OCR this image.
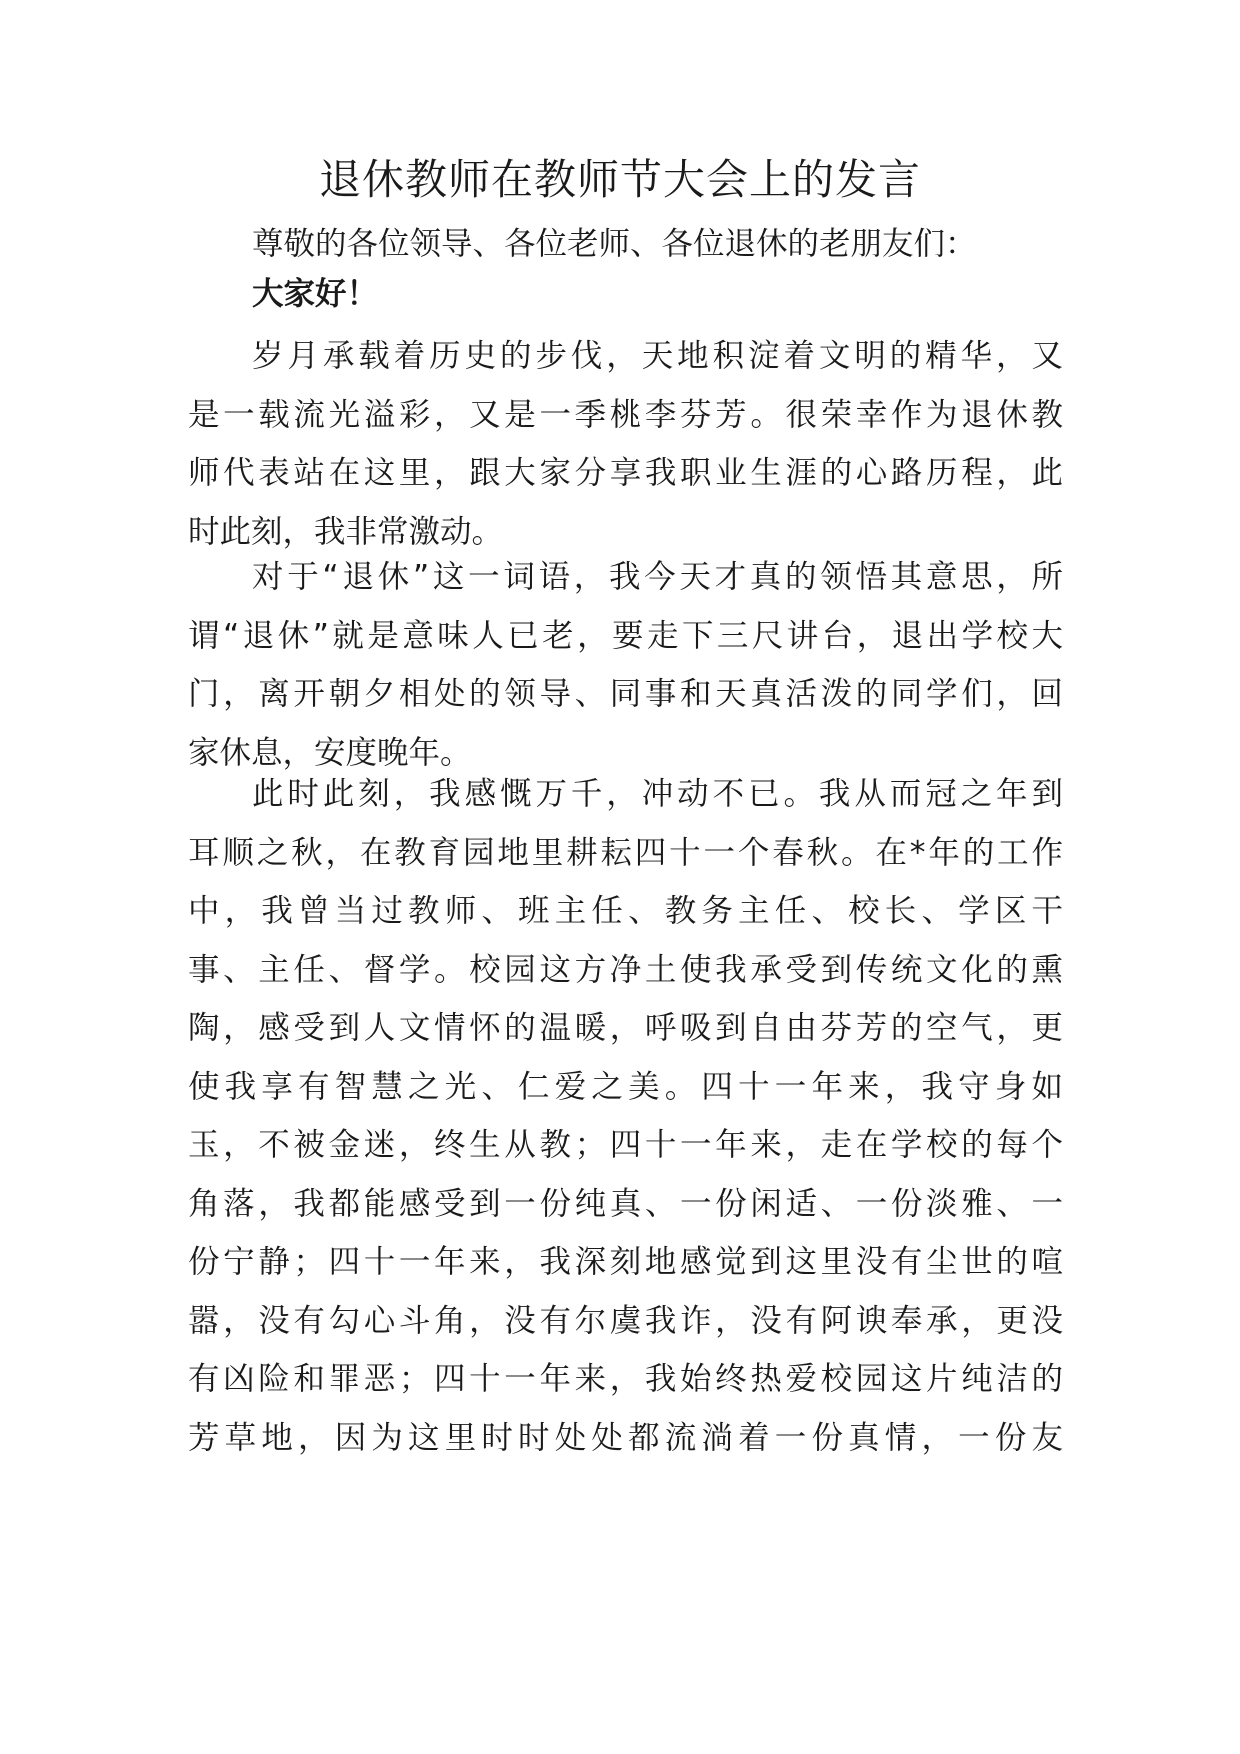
退休教师在教师节大会上的发言

尊敬的各位领导、各位老师、各位退休的老朋友们：

大家好！

岁月承载着历史的步伐，天地积淀着文明的精华，又
是一载流光溢彩，又是一季桃李芬芳。很荣幸作为退休教
师代表站在这里，跟大家分享我职业生涯的心路历程，此
时此刻，我非常激动。

对于“退休”这一词语，我今天才真的领悟其意思，所
谓“退休”就是意味人已老，要走下三尺讲台，退出学校大
门，离开朝夕相处的领导、同事和天真活泼的同学们，回
家休息，安度晚年。

此时此刻，我感慨万千，冲动不已。我从而冠之年到
耳顺之秋，在教育园地里耕耘四十一个春秋。在*年的工作
中，我曾当过教师、班主任、教务主任、校长、学区干
事、主任、督学。校园这方净土使我承受到传统文化的熏
陶，感受到人文情怀的温暖，呼吸到自由芬芳的空气，更
使我享有智慧之光、仁爱之美。四十一年来，我守身如
玉，不被金迷，终生从教；四十一年来，走在学校的每个
角落，我都能感受到一份纯真、一份闲适、一份淡雅、一
份宁静；四十一年来，我深刻地感觉到这里没有尘世的喧
嚣，没有勾心斗角，没有尔虞我诈，没有阿谀奉承，更没
有凶险和罪恶；四十一年来，我始终热爱校园这片纯洁的
芳草地，因为这里时时处处都流淌着一份真情，一份友
